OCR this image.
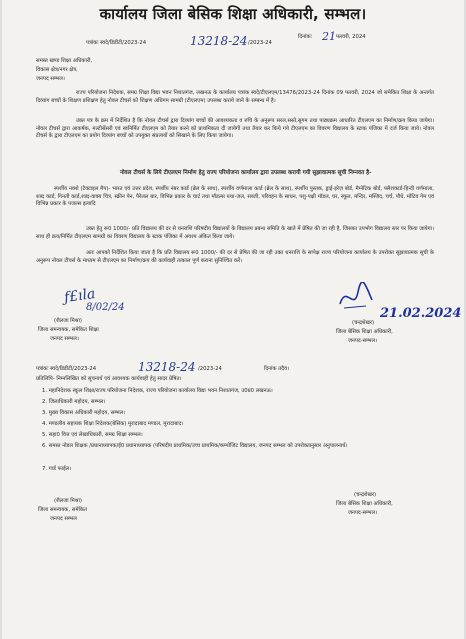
कार्यालय जिला बेसिक शिक्षा अधिकारी, सम्भल।
पत्रांकः स्वदे/डिडीटी/2023-24	13218-24 /2023-24
दिनांकः 21 फरवरी, 2024
समस्त खण्ड शिक्षा अधिकारी,
विकास क्षेत्र/नगर क्षेत्र,
जनपद सम्भल।
राज्य परियोजना निदेशक, समग्र शिक्षा विद्या भवन निशातगंज, लखनऊ के कार्यालय पत्रांक स्वदे/टीएलएम/13476/2023-24 दिनांक 09 फरवरी, 2024 जो समेकित शिक्षा के अन्तर्गत दिव्यांग बच्चों के शिक्षण प्रशिक्षण हेतु नोवल टीचर्स को शिक्षण अधिगम सामग्री (टीएलएम) उपलब्ध कराये जाने के सम्बन्ध में है।
उक्त पत्र के क्रम में निर्देशित है कि नोवल टीचर्स द्वारा दिव्यांग बच्चों की आवश्यकता व रुचि के अनुरूप सरल,सस्ते,सुगम तथा पाठ्यक्रम आधारित टीएलएम का निर्माण/क्रय किया जायेगा। नोवल टीचर्स द्वारा आकर्षक, मल्टीसेंसरी एवं स्वनिर्मित टीएलएम को तैयार करने को प्राथमिकता दी जायेगी तथा तैयार कर किये गये टीएलएम का विवरण विद्यालय के स्टाक पंजिका में दर्ज किया जाये। नोवल टीचर्स के द्वारा टीएलएम का प्रयोग दिव्यांग बच्चों को उपयुक्त संप्रत्ययों को सिखाने के लिए किया जायेगा।
नोवल टीचर्स के लिये टीएलएम निर्माण हेतु राज्य परियोजना कार्यालय द्वारा उपलब्ध करायी गयी सुझावात्मक सूची निम्नवत है-
स्पर्शीय नक्शे (टैक्टाइल मैप)- भारत एवं उत्तर प्रदेश, स्पर्शीय नंबर कार्ड (ब्रेल के साथ), स्पर्शीय वर्णमाला कार्ड (ब्रेल के साथ), स्पर्शीय पुस्तक, ड्राई-इरेज़ बोर्ड, मैग्नेटिक बोर्ड, फ्लैशकार्ड-हिन्दी वर्णमाला, शब्द कार्ड, गिनती कार्ड,शब्द-वाक्य चित्र, स्क्रीन पेन, पैरेलल बार, विभिन्न प्रकार के चार्ट तथा मॉडल्स यथा-जल, सब्जी, परिवहन के साधन, पशु-पक्षी मॉडल, घर, स्कूल, मन्दिर, मस्जिद, चर्च, पौधे, मोटिव गेम एवं विभिन्न प्रकार के पजल्स इत्यादि
उक्त हेतु रू0 1000/- प्रति विद्यालय की दर से धनराशि परिषदीय विद्यालयों के विद्यालय प्रबन्ध समिति के खाते में प्रेषित की जा रही है, जिसका उपभोग विद्यालय स्तर पर किया जायेगा। साथ ही क्रय/निर्मित टीएलएम सामग्री का विवरण विद्यालय के स्टाक पंजिका में अवश्य अंकित किया जाये।
अतः आपको निर्देशित किया जाता है कि प्रति विद्यालय रू0 1000/- की दर से प्रेषित की जा रही उक्त धनराशि के सापेक्ष राज्य परियोजना कार्यालय के उपरोक्त सुझावात्मक सूची के अनुरूप नोवल टीचर्स के माध्यम से टीएलएम का निर्माण/क्रय की कार्यवाही तत्काल पूर्ण कराना सुनिश्चित करें।
ƒ£ıla
8/02/24
(शैलजा मिश्रा)
जिला समन्वयक, समेकित शिक्षा
जनपद सम्भल।
21.02.2024
(चन्द्रशेखर)
जिला बेसिक शिक्षा अधिकारी,
जनपद-सम्भल।
पत्रांकः स्वदे/डिडीटी/2023-24	13218-24 /2023-24	दिनांक तदैव।
प्रतिलिपि- निम्नलिखित को सूचनार्थ एवं आवश्यक कार्यवाही हेतु सादर प्रेषित।
1. महानिदेशक स्कूल शिक्षा/राज्य परियोजना निदेशक, राज्य परियोजना कार्यालय विद्या भवन निशातगंज, उ0प्र0 लखनऊ।
2. जिलाधिकारी महोदय, सम्भल।
3. मुख्य विकास अधिकारी महोदय, सम्भल।
4. मण्डलीय सहायक शिक्षा निदेशक(बेसिक) मुरादाबाद मण्डल, मुरादाबाद।
5. सहा0 वित्त एवं लेखाधिकारी, समग्र शिक्षा सम्भल।
6. समस्त नोडल शिक्षक /प्रधानाध्यापक/ई0 प्रधानाध्यापक (परिषदीय प्राथमिक/उच्च प्राथमिक/कम्पोजिट विद्यालय, जनपद सम्भल को उपरोक्तानुसार अनुपालनार्थ।
7. गार्ड फाईल।
(शैलजा मिश्रा)
जिला समन्वयक, समेकित
जनपद सम्भल
(चन्द्रशेखर)
जिला बेसिक शिक्षा अधिकारी,
जनपद-सम्भल।
